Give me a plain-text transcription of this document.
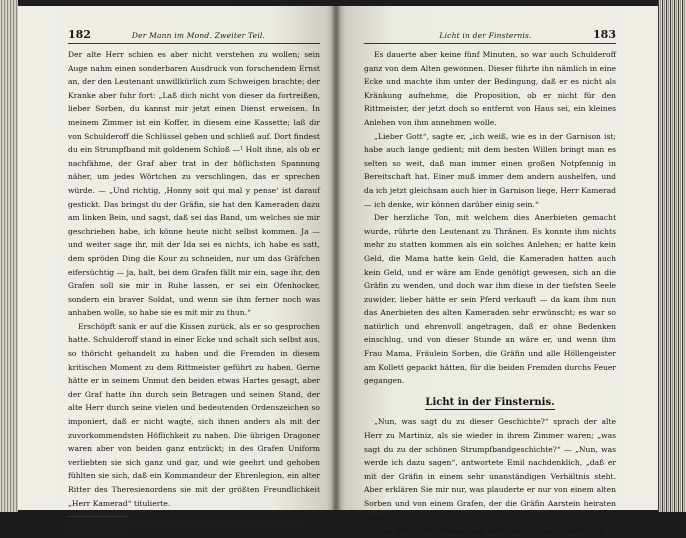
182	Der Mann im Mond. Zweiter Teil.

Der alte Herr schien es aber nicht verstehen zu wollen; sein Auge nahm einen sonderbaren Ausdruck von forschendem Ernst an, der den Leutenant unwillkürlich zum Schweigen brachte; der Kranke aber fuhr fort: „Laß dich nicht von dieser da fortreißen, lieber Sorben, du kannst mir jetzt einen Dienst erweisen. In meinem Zimmer ist ein Koffer, in diesem eine Kassette; laß dir von Schulderoff die Schlüssel geben und schließ auf. Dort findest du ein Strumpfband mit goldenem Schloß —¹ Holt ihne, als ob er nachfähme, der Graf aber trat in der höflichsten Spannung näher, um jedes Wörtchen zu verschlingen, das er sprechen würde. — „Und richtig, ‚Honny soit qui mal y pense‘ ist darauf gestickt. Das bringst du der Gräfin, sie hat den Kameraden dazu am linken Bein, und sagst, daß sei das Band, um welches sie mir geschrieben habe, ich könne heute nicht selbst kommen. Ja — und weiter sage ihr, mit der Ida sei es nichts, ich habe es satt, dem spröden Ding die Kour zu schneiden, nur um das Gräfchen eifersüchtig — ja, halt, bei dem Grafen fällt mir ein, sage ihr, den Grafen soll sie mir in Ruhe lassen, er sei ein Ofenhocker, sondern ein braver Soldat, und wenn sie ihm ferner noch was anhaben wolle, so habe sie es mit mir zu thun.“

Erschöpft sank er auf die Kissen zurück, als er so gesprochen hatte. Schulderoff stand in einer Ecke und schalt sich selbst aus, so thöricht gehandelt zu haben und die Fremden in diesem kritischen Moment zu dem Rittmeister geführt zu haben. Gerne hätte er in seinem Unmut den beiden etwas Hartes gesagt, aber der Graf hatte ihn durch sein Betragen und seinen Stand, der alte Herr durch seine vielen und bedeutenden Ordenszeichen so imponiert, daß er nicht wagte, sich ihnen anders als mit der zuvorkommendsten Höflichkeit zu nahen. Die übrigen Dragoner waren aber von beiden ganz entzückt; in des Grafen Uniform verliebten sie sich ganz und gar, und wie geehrt und gehoben fühlten sie sich, daß ein Kommandeur der Ehrenlegion, ein alter Ritter des Theresienordens sie mit der größten Freundlichkeit „Herr Kamerad“ titulierte.

¹ D. h. „Ein Schelm, wer Arges dabei denkt“, ist die Umschrift des englischen Hosenbandordens.
Licht in der Finsternis.	183

Es dauerte aber keine fünf Minuten, so war auch Schulderoff ganz von dem Alten gewonnen. Dieser führte ihn nämlich in eine Ecke und machte ihm unter der Bedingung, daß er es nicht als Kränkung aufnehme, die Proposition, ob er nicht für den Rittmeister, der jetzt doch so entfernt von Haus sei, ein kleines Anlehen von ihm annehmen wolle.

„Lieber Gott“, sagte er, „ich weiß, wie es in der Garnison ist; habe auch lange gedient; mit dem besten Willen bringt man es selten so weit, daß man immer einen großen Notpfennig in Bereitschaft hat. Einer muß immer dem andern aushelfen, und da ich jetzt gleichsam auch hier in Garnison liege, Herr Kamerad — ich denke, wir können darüber einig sein.“

Der herzliche Ton, mit welchem dies Anerbieten gemacht wurde, rührte den Leutenant zu Thränen. Es konnte ihm nichts mehr zu statten kommen als ein solches Anlehen; er hatte kein Geld, die Mama hatte kein Geld, die Kameraden hatten auch kein Geld, und er wäre am Ende genötigt gewesen, sich an die Gräfin zu wenden, und doch war ihm diese in der tiefsten Seele zuwider, lieber hätte er sein Pferd verkauft — da kam ihm nun das Anerbieten des alten Kameraden sehr erwünscht; es war so natürlich und ehrenvoll angetragen, daß er ohne Bedenken einschlug, und von dieser Stunde an wäre er, und wenn ihm Frau Mama, Fräulein Sorben, die Gräfin und alle Höllengeister am Kollett gepackt hätten, für die beiden Fremden durchs Feuer gegangen.

Licht in der Finsternis.

„Nun, was sagt du zu dieser Geschichte?“ sprach der alte Herr zu Martiniz, als sie wieder in ihrem Zimmer waren; „was sagt du zu der schönen Strumpfbandgeschichte?“ — „Nun, was werde ich dazu sagen“, antwortete Emil nachdenklich, „daß er mit der Gräfin in einem sehr unanständigen Verhältnis steht. Aber erklären Sie mir nur, was plauderte er nur von einem alten Sorben und von einem Grafen, der die Gräfin Aarstein heiraten solle?“

„Das will ich dir schwarz auf weiß zeigen“, sagte jener und
